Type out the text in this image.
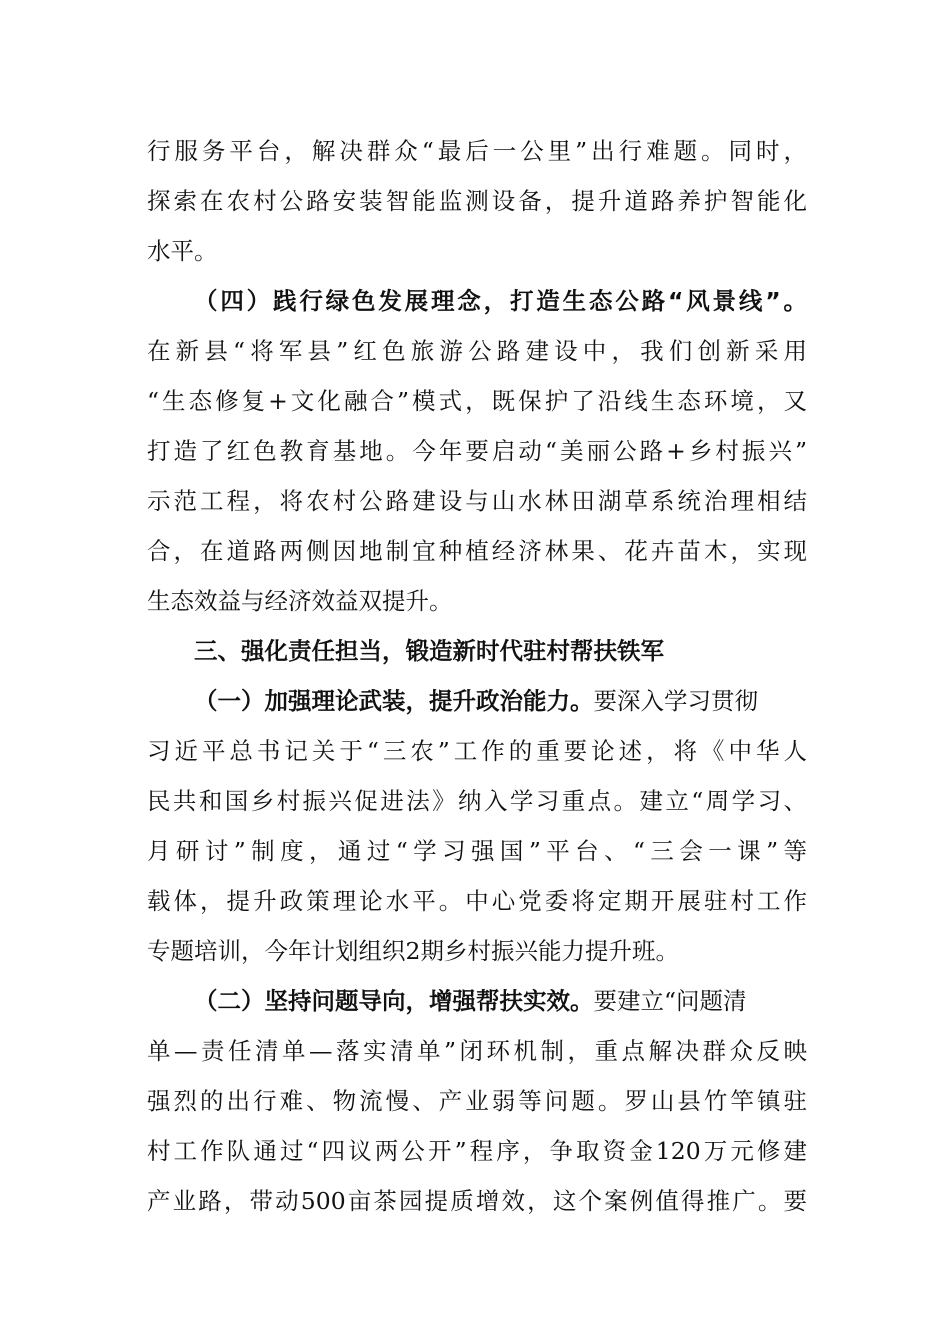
行服务平台，解决群众“最后一公里”出行难题。同时，

探索在农村公路安装智能监测设备，提升道路养护智能化

水平。

（四）践行绿色发展理念，打造生态公路“风景线”。

在新县“将军县”红色旅游公路建设中，我们创新采用

“生态修复+文化融合”模式，既保护了沿线生态环境，又

打造了红色教育基地。今年要启动“美丽公路+乡村振兴”

示范工程，将农村公路建设与山水林田湖草系统治理相结

合，在道路两侧因地制宜种植经济林果、花卉苗木，实现

生态效益与经济效益双提升。

三、强化责任担当，锻造新时代驻村帮扶铁军

（一）加强理论武装，提升政治能力。要深入学习贯彻

习近平总书记关于“三农”工作的重要论述，将《中华人

民共和国乡村振兴促进法》纳入学习重点。建立“周学习、

月研讨”制度，通过“学习强国”平台、“三会一课”等

载体，提升政策理论水平。中心党委将定期开展驻村工作

专题培训，今年计划组织2期乡村振兴能力提升班。

（二）坚持问题导向，增强帮扶实效。要建立“问题清

单—责任清单—落实清单”闭环机制，重点解决群众反映

强烈的出行难、物流慢、产业弱等问题。罗山县竹竿镇驻

村工作队通过“四议两公开”程序，争取资金120万元修建

产业路，带动500亩茶园提质增效，这个案例值得推广。要
